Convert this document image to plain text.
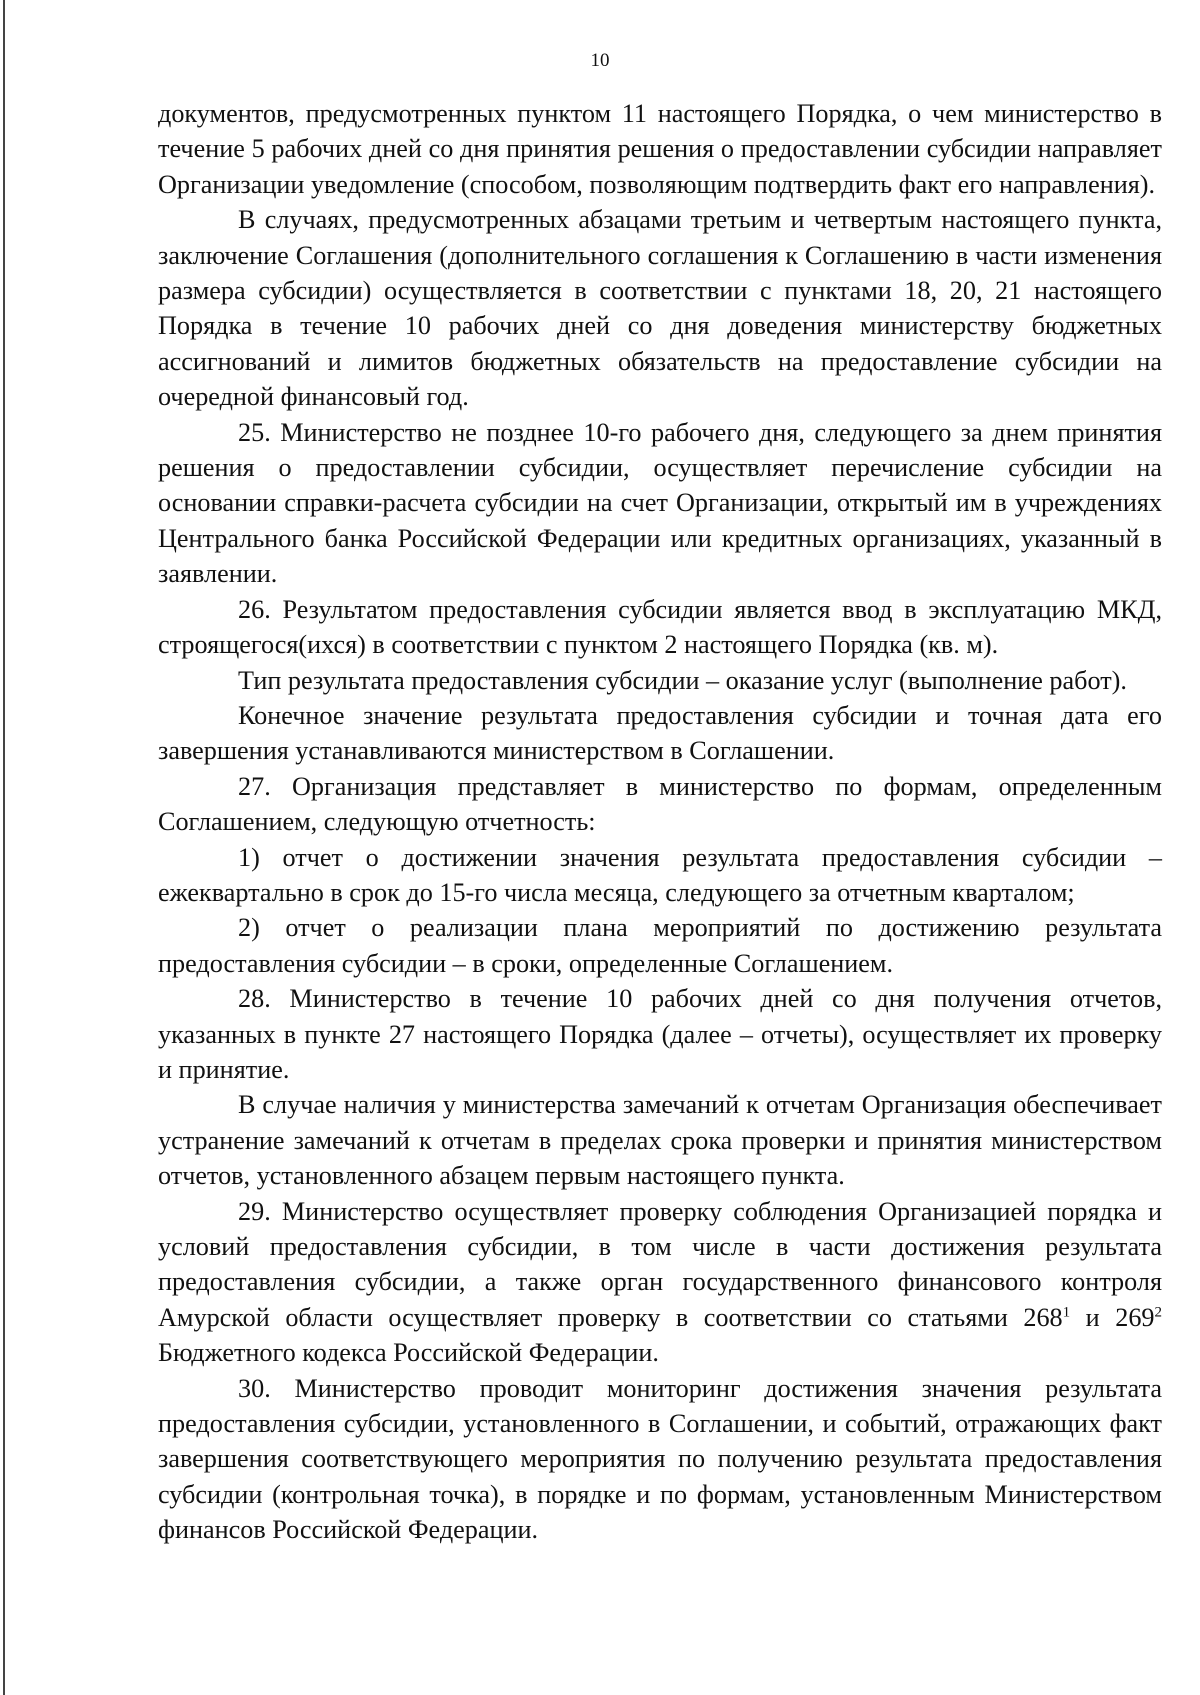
10

документов, предусмотренных пунктом 11 настоящего Порядка, о чем министерство в течение 5 рабочих дней со дня принятия решения о предоставлении субсидии направляет Организации уведомление (способом, позволяющим подтвердить факт его направления).

В случаях, предусмотренных абзацами третьим и четвертым настоящего пункта, заключение Соглашения (дополнительного соглашения к Соглашению в части изменения размера субсидии) осуществляется в соответствии с пунктами 18, 20, 21 настоящего Порядка в течение 10 рабочих дней со дня доведения министерству бюджетных ассигнований и лимитов бюджетных обязательств на предоставление субсидии на очередной финансовый год.

25. Министерство не позднее 10-го рабочего дня, следующего за днем принятия решения о предоставлении субсидии, осуществляет перечисление субсидии на основании справки-расчета субсидии на счет Организации, открытый им в учреждениях Центрального банка Российской Федерации или кредитных организациях, указанный в заявлении.

26. Результатом предоставления субсидии является ввод в эксплуатацию МКД, строящегося(ихся) в соответствии с пунктом 2 настоящего Порядка (кв. м).

Тип результата предоставления субсидии – оказание услуг (выполнение работ).

Конечное значение результата предоставления субсидии и точная дата его завершения устанавливаются министерством в Соглашении.

27. Организация представляет в министерство по формам, определенным Соглашением, следующую отчетность:

1) отчет о достижении значения результата предоставления субсидии – ежеквартально в срок до 15-го числа месяца, следующего за отчетным кварталом;

2) отчет о реализации плана мероприятий по достижению результата предоставления субсидии – в сроки, определенные Соглашением.

28. Министерство в течение 10 рабочих дней со дня получения отчетов, указанных в пункте 27 настоящего Порядка (далее – отчеты), осуществляет их проверку и принятие.

В случае наличия у министерства замечаний к отчетам Организация обеспечивает устранение замечаний к отчетам в пределах срока проверки и принятия министерством отчетов, установленного абзацем первым настоящего пункта.

29. Министерство осуществляет проверку соблюдения Организацией порядка и условий предоставления субсидии, в том числе в части достижения результата предоставления субсидии, а также орган государственного финансового контроля Амурской области осуществляет проверку в соответствии со статьями $268^1$ и $269^2$ Бюджетного кодекса Российской Федерации.

30. Министерство проводит мониторинг достижения значения результата предоставления субсидии, установленного в Соглашении, и событий, отражающих факт завершения соответствующего мероприятия по получению результата предоставления субсидии (контрольная точка), в порядке и по формам, установленным Министерством финансов Российской Федерации.
